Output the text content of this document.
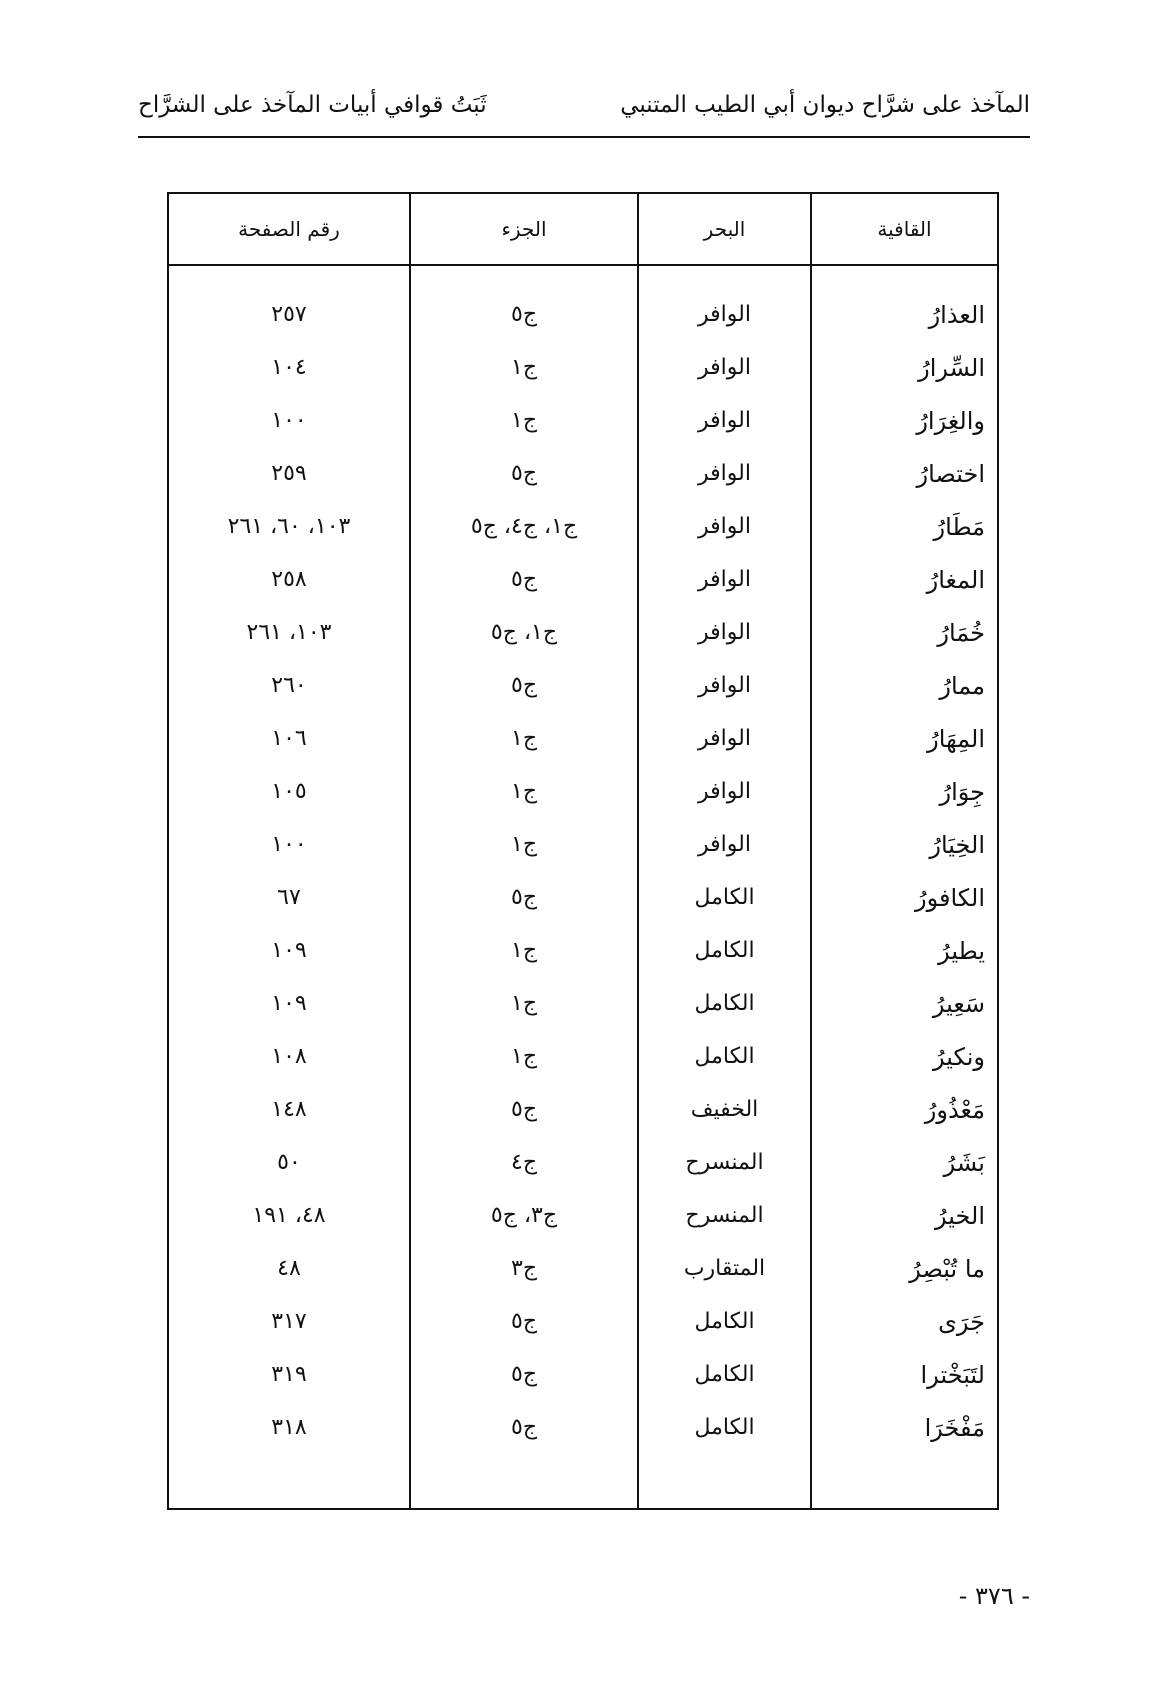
المآخذ على شرَّاح ديوان أبي الطيب المتنبي
ثَبَتُ قوافي أبيات المآخذ على الشرَّاح
القافية	البحر	الجزء	رقم الصفحة
العذارُ	الوافر	ج٥	٢٥٧
السِّرارُ	الوافر	ج١	١٠٤
والغِرَارُ	الوافر	ج١	١٠٠
اختصارُ	الوافر	ج٥	٢٥٩
مَطَارُ	الوافر	ج١، ج٤، ج٥	١٠٣، ٦٠، ٢٦١
المغارُ	الوافر	ج٥	٢٥٨
خُمَارُ	الوافر	ج١، ج٥	١٠٣، ٢٦١
ممارُ	الوافر	ج٥	٢٦٠
المِهَارُ	الوافر	ج١	١٠٦
جِوَارُ	الوافر	ج١	١٠٥
الخِيَارُ	الوافر	ج١	١٠٠
الكافورُ	الكامل	ج٥	٦٧
يطيرُ	الكامل	ج١	١٠٩
سَعِيرُ	الكامل	ج١	١٠٩
ونكيرُ	الكامل	ج١	١٠٨
مَعْذُورُ	الخفيف	ج٥	١٤٨
بَشَرُ	المنسرح	ج٤	٥٠
الخيرُ	المنسرح	ج٣، ج٥	٤٨، ١٩١
ما تُبْصِرُ	المتقارب	ج٣	٤٨
جَرَى	الكامل	ج٥	٣١٧
لتَبَخْترا	الكامل	ج٥	٣١٩
مَفْخَرَا	الكامل	ج٥	٣١٨

- ٣٧٦ -
